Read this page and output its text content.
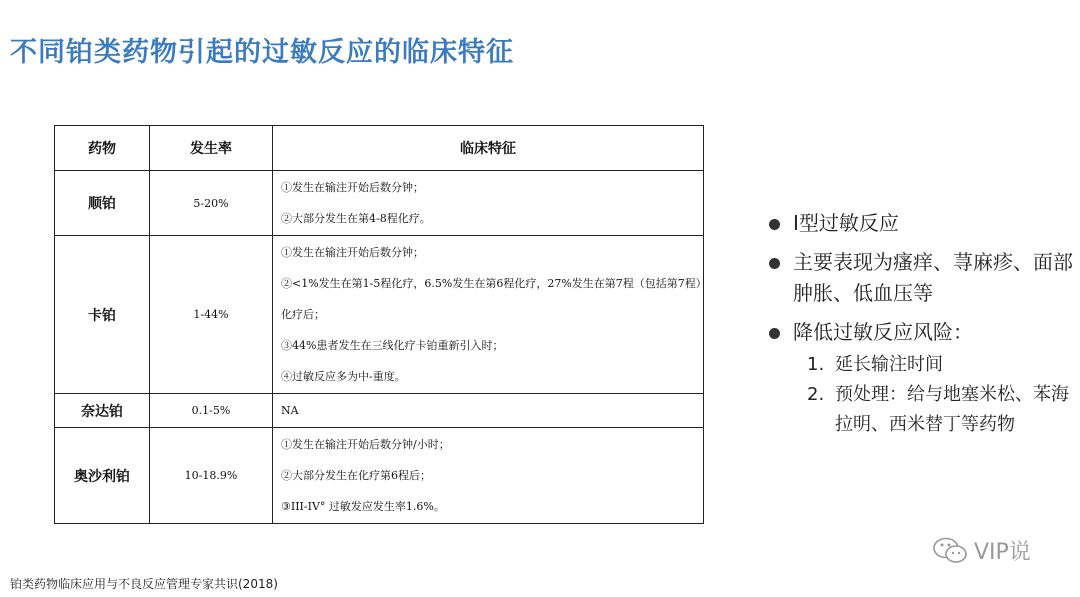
不同铂类药物引起的过敏反应的临床特征
药物	发生率	临床特征
顺铂	5-20%	①发生在输注开始后数分钟；
②大部分发生在第4-8程化疗。

卡铂	1-44%	①发生在输注开始后数分钟；
②<1%发生在第1-5程化疗，6.5%发生在第6程化疗，27%发生在第7程（包括第7程）化疗后；
③44%患者发生在三线化疗卡铂重新引入时；
④过敏反应多为中-重度。

奈达铂	0.1-5%	NA

奥沙利铂	10-18.9%	①发生在输注开始后数分钟/小时；
②大部分发生在化疗第6程后；
③III-IV° 过敏发应发生率1.6%。
Ⅰ型过敏反应
主要表现为瘙痒、荨麻疹、面部肿胀、低血压等
降低过敏反应风险：
1. 延长输注时间
2. 预处理：给与地塞米松、苯海拉明、西米替丁等药物
铂类药物临床应用与不良反应管理专家共识(2018)
VIP说
